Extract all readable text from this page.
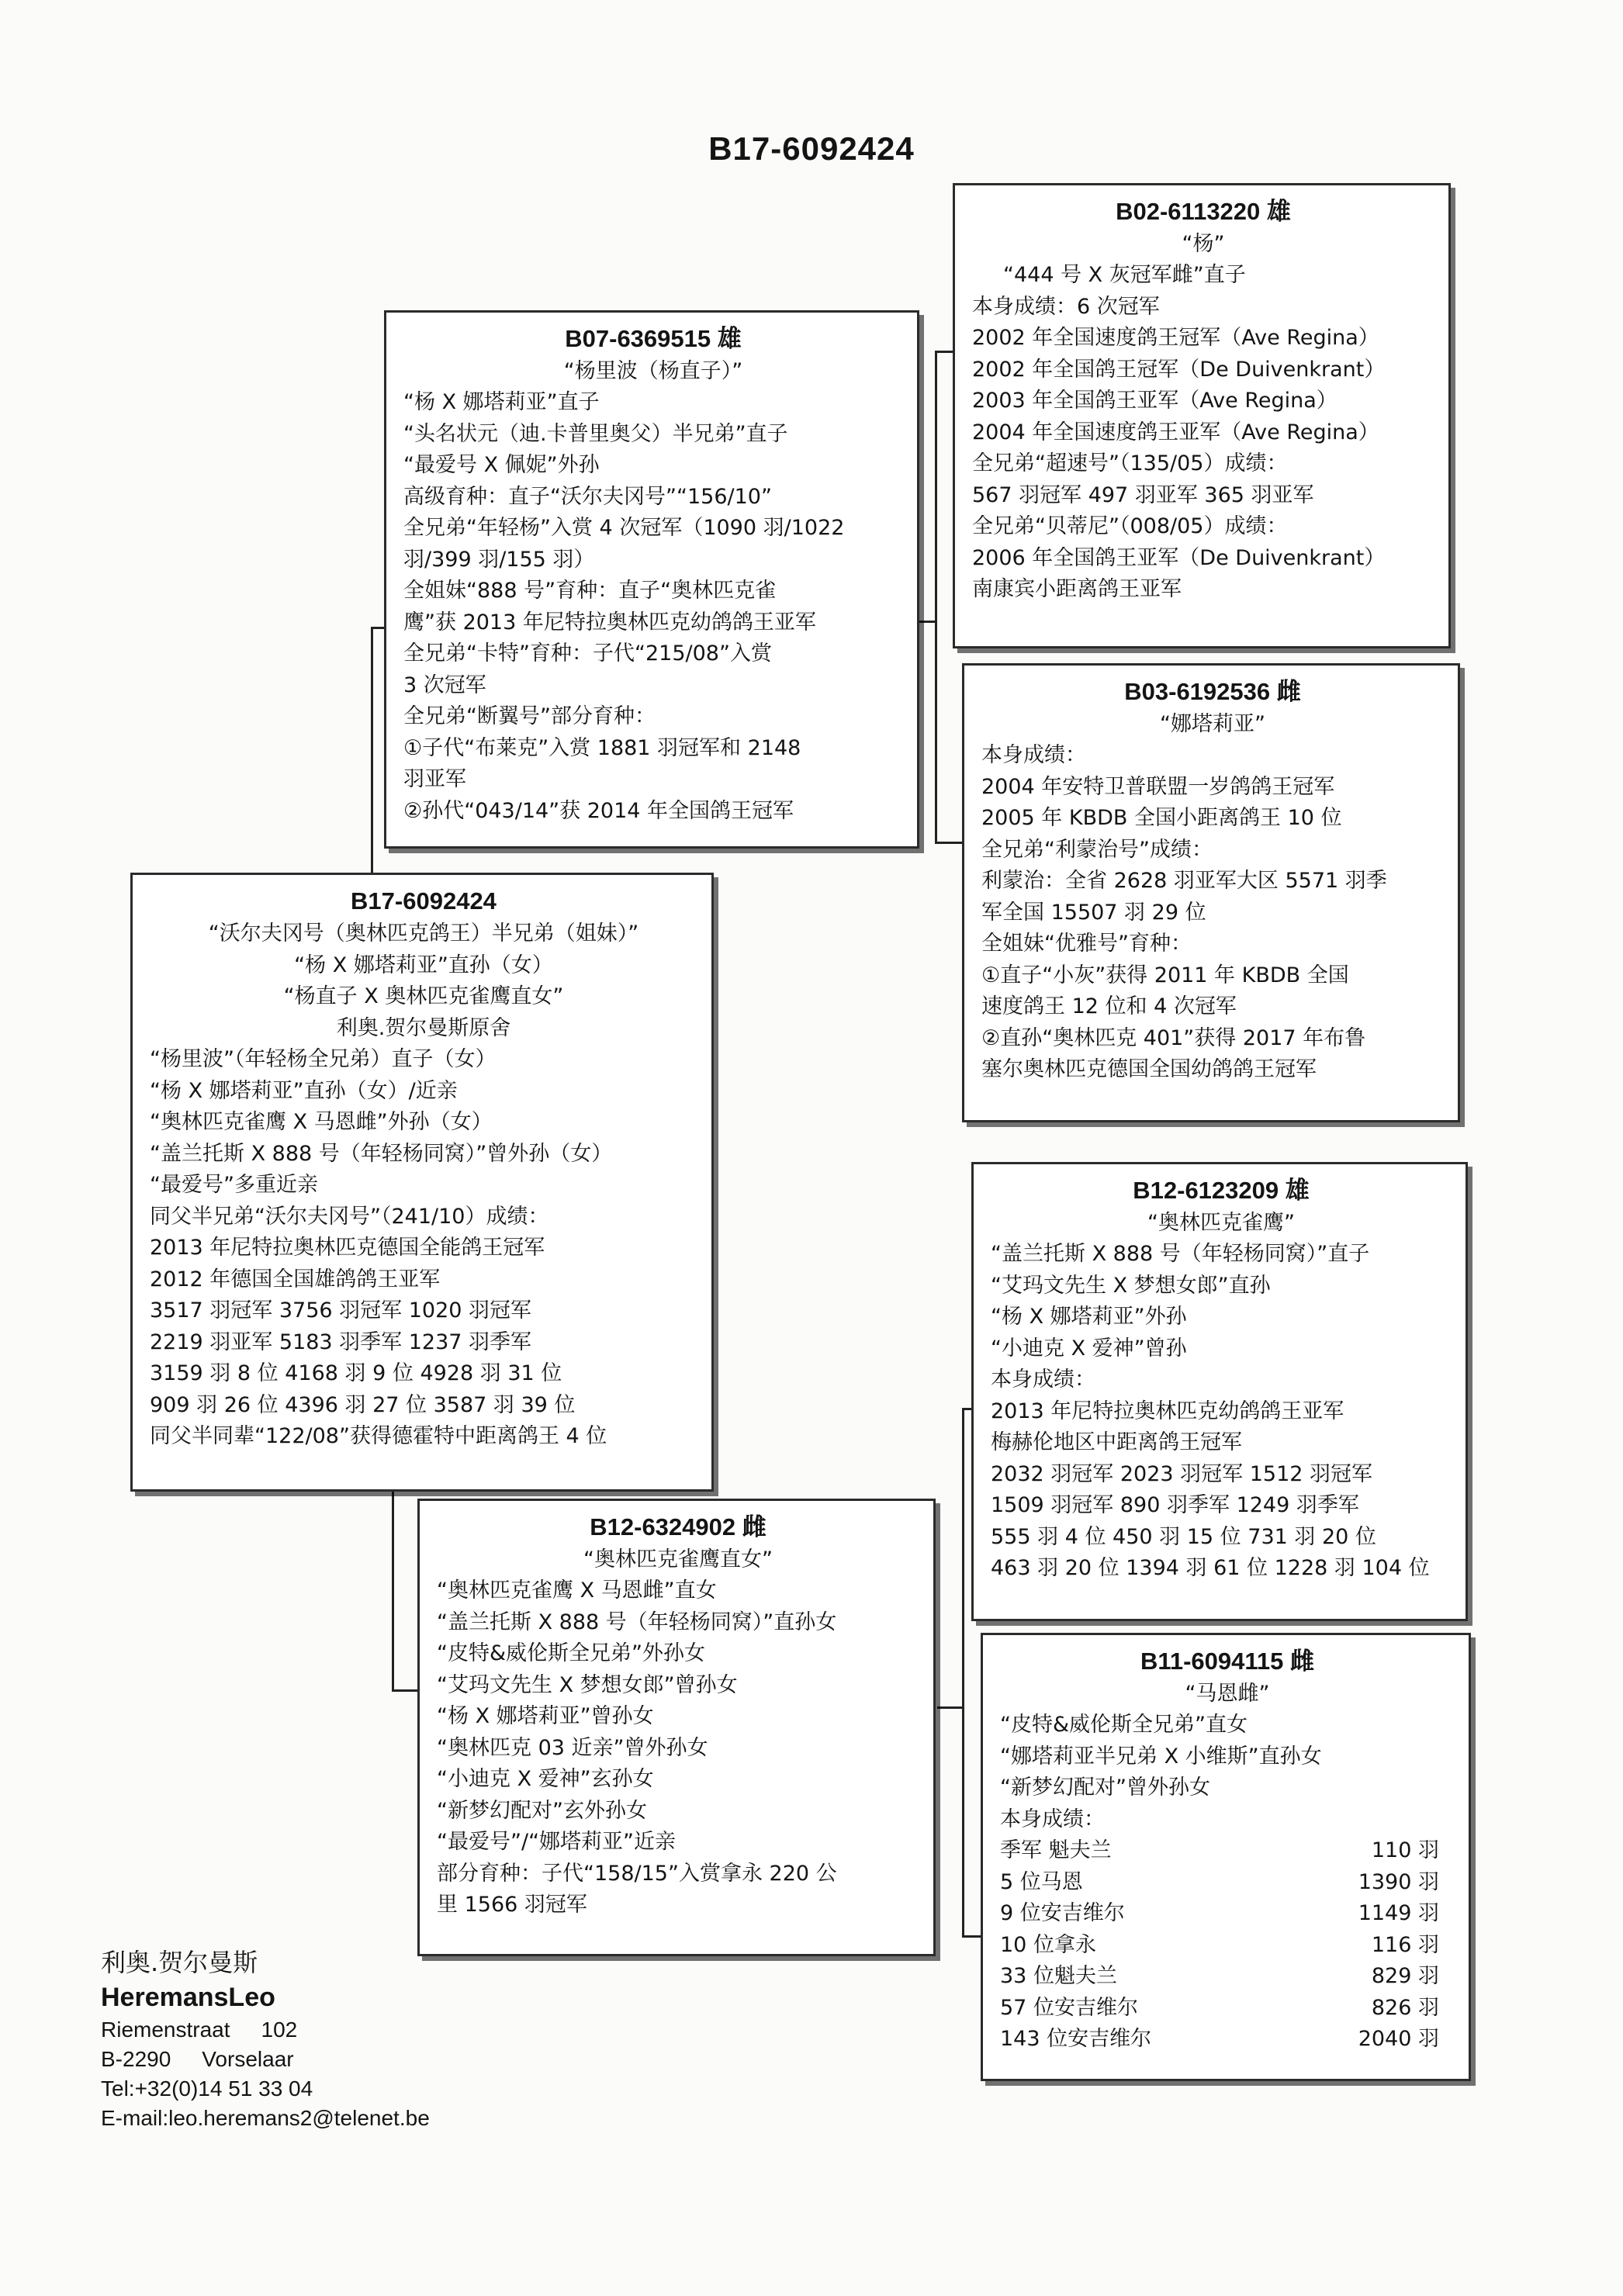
B17-6092424
B07-6369515 雄
“杨里波（杨直子）”
“杨 X 娜塔莉亚”直子
“头名状元（迪.卡普里奥父）半兄弟”直子
“最爱号 X 佩妮”外孙
高级育种：直子“沃尔夫冈号”“156/10”
全兄弟“年轻杨”入赏 4 次冠军（1090 羽/1022
羽/399 羽/155 羽）
全姐妹“888 号”育种：直子“奥林匹克雀
鹰”获 2013 年尼特拉奥林匹克幼鸽鸽王亚军
全兄弟“卡特”育种：子代“215/08”入赏
3 次冠军
全兄弟“断翼号”部分育种：
①子代“布莱克”入赏 1881 羽冠军和 2148
羽亚军
②孙代“043/14”获 2014 年全国鸽王冠军
B17-6092424
“沃尔夫冈号（奥林匹克鸽王）半兄弟（姐妹）”
“杨 X 娜塔莉亚”直孙（女）
“杨直子 X 奥林匹克雀鹰直女”
利奥.贺尔曼斯原舍
“杨里波”（年轻杨全兄弟）直子（女）
“杨 X 娜塔莉亚”直孙（女）/近亲
“奥林匹克雀鹰 X 马恩雌”外孙（女）
“盖兰托斯 X 888 号（年轻杨同窝）”曾外孙（女）
“最爱号”多重近亲
同父半兄弟“沃尔夫冈号”（241/10）成绩：
2013 年尼特拉奥林匹克德国全能鸽王冠军
2012 年德国全国雄鸽鸽王亚军
3517 羽冠军 3756 羽冠军 1020 羽冠军
2219 羽亚军 5183 羽季军 1237 羽季军
3159 羽 8 位 4168 羽 9 位 4928 羽 31 位
909 羽 26 位 4396 羽 27 位 3587 羽 39 位
同父半同辈“122/08”获得德霍特中距离鸽王 4 位
B12-6324902 雌
“奥林匹克雀鹰直女”
“奥林匹克雀鹰 X 马恩雌”直女
“盖兰托斯 X 888 号（年轻杨同窝）”直孙女
“皮特&威伦斯全兄弟”外孙女
“艾玛文先生 X 梦想女郎”曾孙女
“杨 X 娜塔莉亚”曾孙女
“奥林匹克 03 近亲”曾外孙女
“小迪克 X 爱神”玄孙女
“新梦幻配对”玄外孙女
“最爱号”/“娜塔莉亚”近亲
部分育种：子代“158/15”入赏拿永 220 公
里 1566 羽冠军
B02-6113220 雄
“杨”
“444 号 X 灰冠军雌”直子
本身成绩：6 次冠军
2002 年全国速度鸽王冠军（Ave Regina）
2002 年全国鸽王冠军（De Duivenkrant）
2003 年全国鸽王亚军（Ave Regina）
2004 年全国速度鸽王亚军（Ave Regina）
全兄弟“超速号”（135/05）成绩：
567 羽冠军 497 羽亚军 365 羽亚军
全兄弟“贝蒂尼”（008/05）成绩：
2006 年全国鸽王亚军（De Duivenkrant）
南康宾小距离鸽王亚军
B03-6192536 雌
“娜塔莉亚”
本身成绩：
2004 年安特卫普联盟一岁鸽鸽王冠军
2005 年 KBDB 全国小距离鸽王 10 位
全兄弟“利蒙治号”成绩：
利蒙治：全省 2628 羽亚军大区 5571 羽季
军全国 15507 羽 29 位
全姐妹“优雅号”育种：
①直子“小灰”获得 2011 年 KBDB 全国
速度鸽王 12 位和 4 次冠军
②直孙“奥林匹克 401”获得 2017 年布鲁
塞尔奥林匹克德国全国幼鸽鸽王冠军
B12-6123209 雄
“奥林匹克雀鹰”
“盖兰托斯 X 888 号（年轻杨同窝）”直子
“艾玛文先生 X 梦想女郎”直孙
“杨 X 娜塔莉亚”外孙
“小迪克 X 爱神”曾孙
本身成绩：
2013 年尼特拉奥林匹克幼鸽鸽王亚军
梅赫伦地区中距离鸽王冠军
2032 羽冠军 2023 羽冠军 1512 羽冠军
1509 羽冠军 890 羽季军 1249 羽季军
555 羽 4 位 450 羽 15 位 731 羽 20 位
463 羽 20 位 1394 羽 61 位 1228 羽 104 位
B11-6094115 雌
“马恩雌”
“皮特&威伦斯全兄弟”直女
“娜塔莉亚半兄弟 X 小维斯”直孙女
“新梦幻配对”曾外孙女
本身成绩：
季军 魁夫兰	110 羽
5 位马恩	1390 羽
9 位安吉维尔	1149 羽
10 位拿永	116 羽
33 位魁夫兰	829 羽
57 位安吉维尔	826 羽
143 位安吉维尔	2040 羽
利奥.贺尔曼斯
HeremansLeo
Riemenstraat 102
B-2290 Vorselaar
Tel:+32(0)14 51 33 04
E-mail:leo.heremans2@telenet.be
